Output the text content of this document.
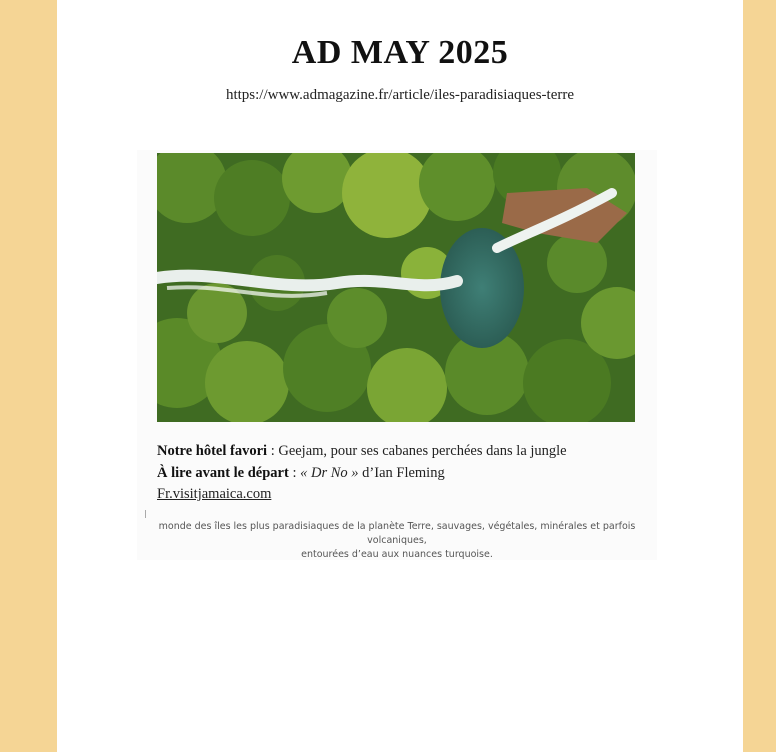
AD MAY 2025
https://www.admagazine.fr/article/iles-paradisiaques-terre
Notre hôtel favori : Geejam, pour ses cabanes perchées dans la jungle
À lire avant le départ : « Dr No » d’Ian Fleming
Fr.visitjamaica.com
monde des îles les plus paradisiaques de la planète Terre, sauvages, végétales, minérales et parfois volcaniques,
entourées d’eau aux nuances turquoise.
